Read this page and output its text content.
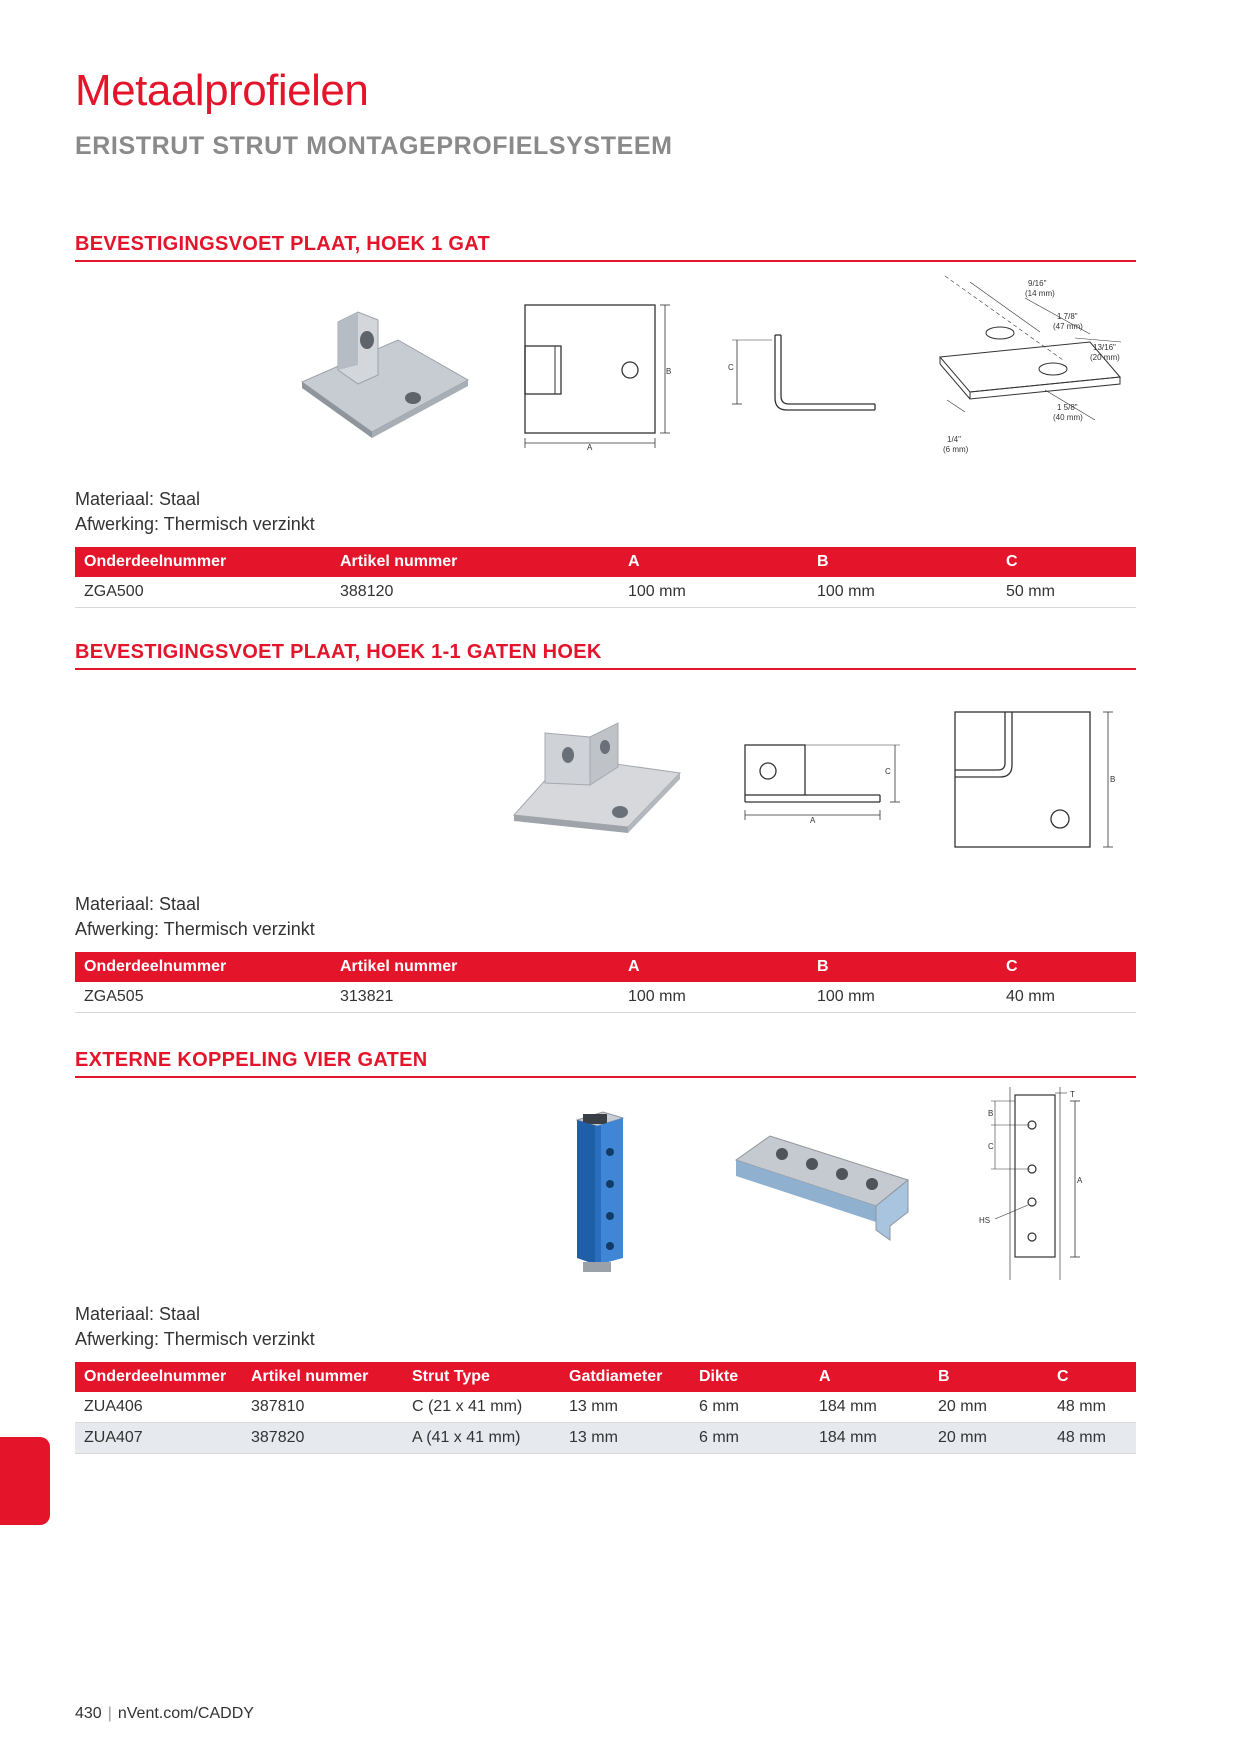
Metaalprofielen
ERISTRUT STRUT MONTAGEPROFIELSYSTEEM
BEVESTIGINGSVOET PLAAT, HOEK 1 GAT
B
A
C
9/16"
(14 mm)
1 7/8"
(47 mm)
13/16"
(20 mm)
1 5/8"
(40 mm)
1/4"
(6 mm)
Materiaal: Staal
Afwerking: Thermisch verzinkt
Onderdeelnummer	Artikel nummer	A	B	C
ZGA500	388120	100 mm	100 mm	50 mm
BEVESTIGINGSVOET PLAAT, HOEK 1-1 GATEN HOEK
C
A
B
Materiaal: Staal
Afwerking: Thermisch verzinkt
Onderdeelnummer	Artikel nummer	A	B	C
ZGA505	313821	100 mm	100 mm	40 mm
EXTERNE KOPPELING VIER GATEN
T
B
C
HS
A
Materiaal: Staal
Afwerking: Thermisch verzinkt
Onderdeelnummer	Artikel nummer	Strut Type	Gatdiameter	Dikte	A	B	C
ZUA406	387810	C (21 x 41 mm)	13 mm	6 mm	184 mm	20 mm	48 mm
ZUA407	387820	A (41 x 41 mm)	13 mm	6 mm	184 mm	20 mm	48 mm
430 | nVent.com/CADDY
